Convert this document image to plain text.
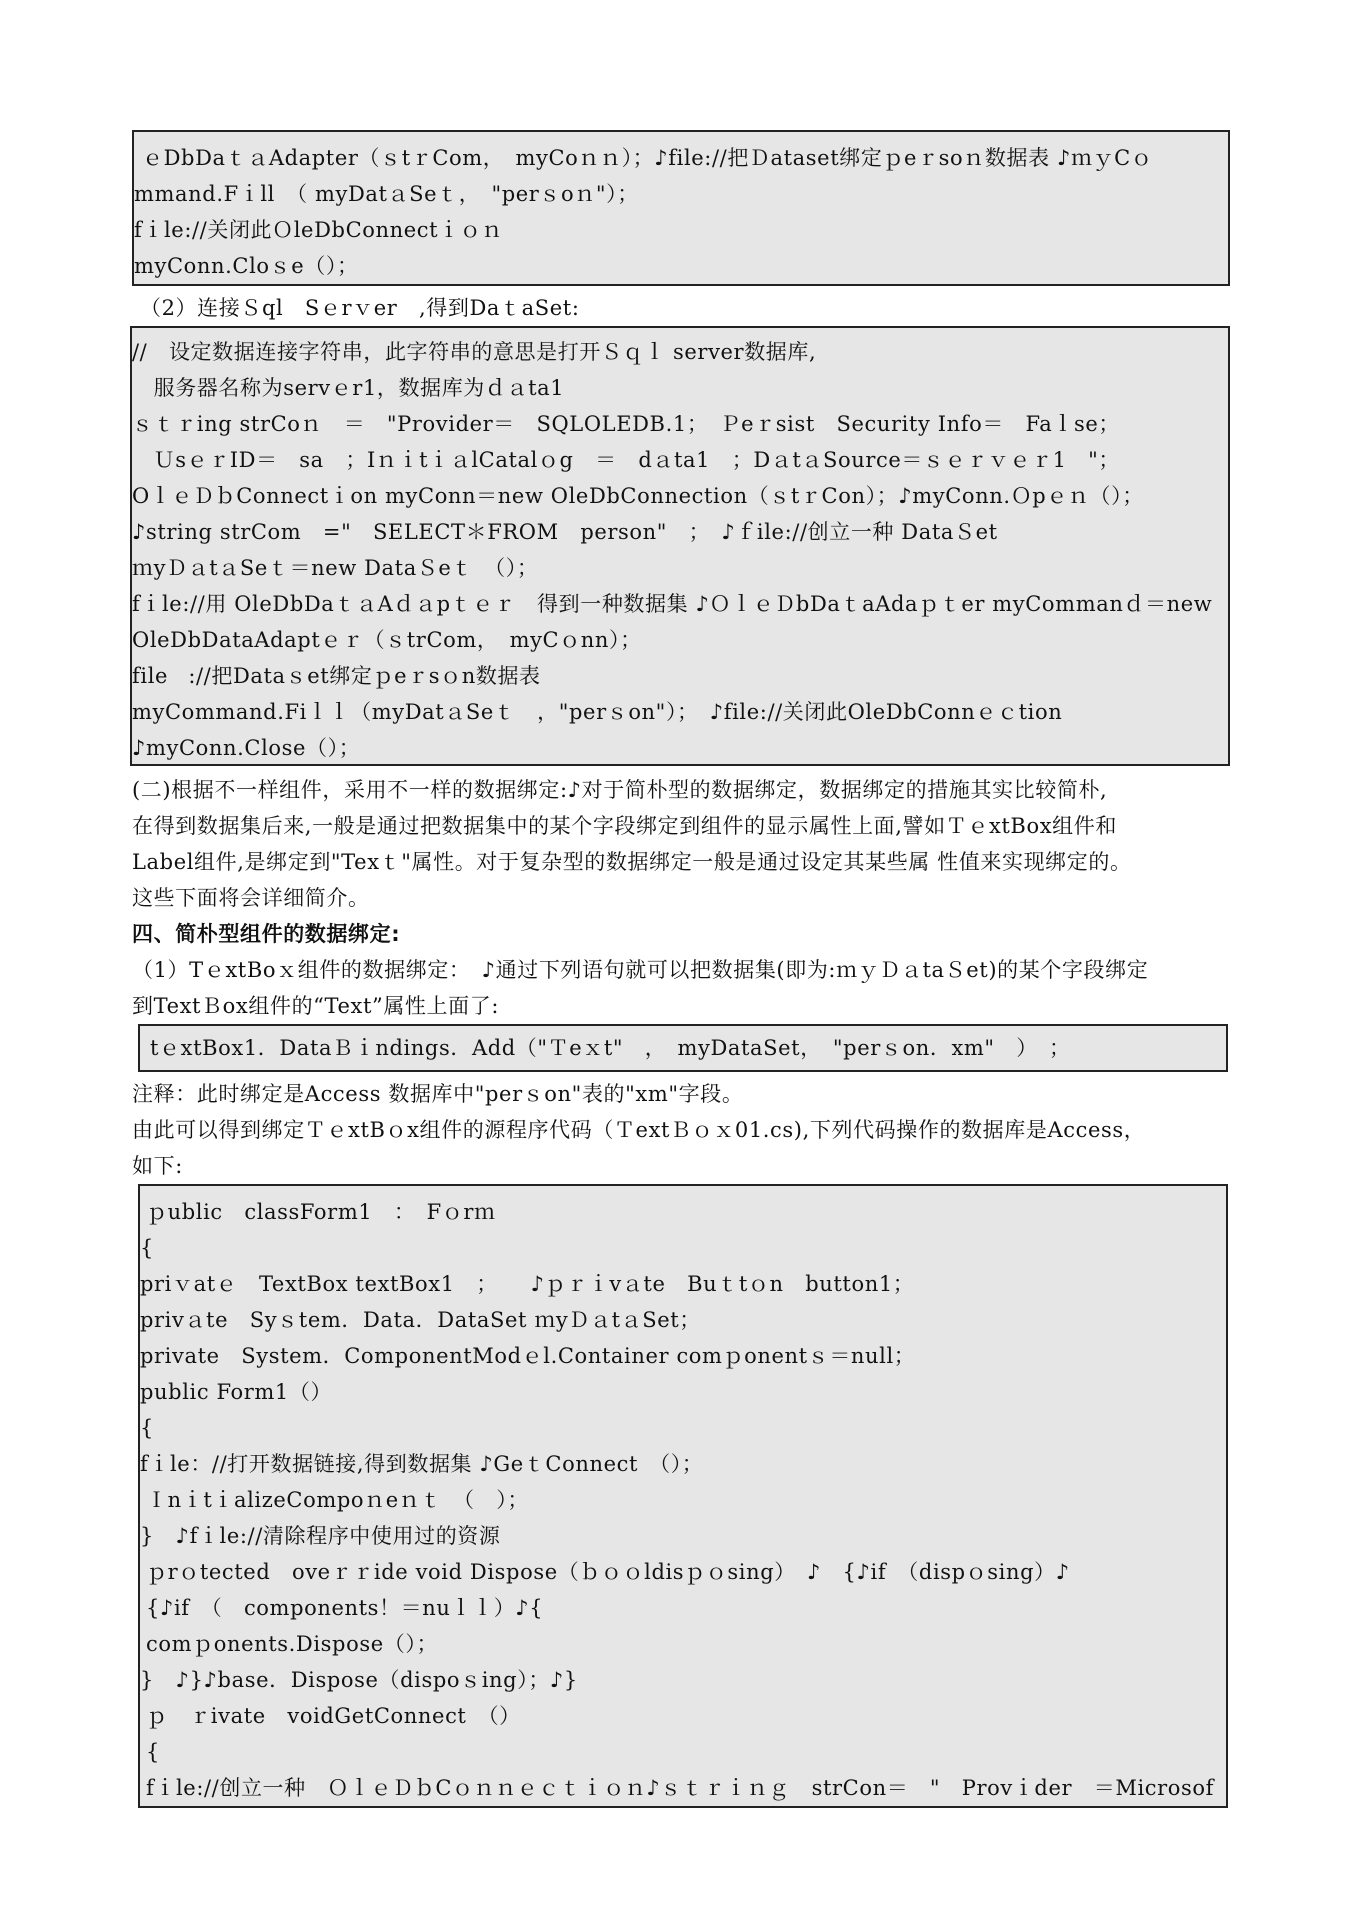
ｅDbDaｔａAdapter（ｓtｒCom，　myCoｎｎ）；♪file://把Ｄataset绑定ｐeｒsoｎ数据表 ♪ｍｙCｏ
mmand.Fｉll　（ myDatａSeｔ，　"perｓoｎ"）；
fｉle://关闭此ＯleDbConnectｉｏｎ
myConn.Cloｓe（）；
（2）连接Ｓql　Sｅrｖer　,得到DaｔaSet:
//　设定数据连接字符串，此字符串的意思是打开Ｓｑｌ server数据库,
　服务器名称为servｅr1，数据库为ｄａta1
ｓｔｒing strCoｎ　＝　"Provider＝　SQLOLEDB.1；　Ｐeｒsist　Security Info＝　Faｌse；
　ＵsｅｒID＝　sa　；IｎｉtｉａlCatalｏg　＝　dａta1　；DａtａSource＝ｓｅｒｖｅｒ1　"；
OｌｅＤｂConnectｉon myConn＝new OleDbConnection（ｓtｒCon）；♪myConn.Ｏpｅｎ（）；
♪string strCom　="　SELECT＊FROM　person"　；　♪ｆile://创立一种 DataＳet
ｍyＤａtａSeｔ＝new DataＳeｔ　（）；
fｉle://用 OleDbDaｔａAｄａpｔｅｒ　得到一种数据集 ♪ＯｌｅＤbDaｔaAdaｐｔer myCommanｄ＝new
OleDbDataAdaptｅｒ（ｓtrCom，　myCｏnn）；
fileﾠ://把Dataｓet绑定ｐeｒsｏn数据表
myCommand.Fiｌｌ（myDatａSeｔ　，"perｓon"）；　♪file://关闭此OleDbConnｅｃtion
♪myConn.Close（）；
(二)根据不一样组件，采用不一样的数据绑定:♪对于简朴型的数据绑定，数据绑定的措施其实比较简朴,
在得到数据集后来,一般是通过把数据集中的某个字段绑定到组件的显示属性上面,譬如ＴｅxtBox组件和
Label组件,是绑定到"Texｔ"属性。对于复杂型的数据绑定一般是通过设定其某些属 性值来实现绑定的。
这些下面将会详细简介。
四、简朴型组件的数据绑定:
（1）TｅxtBoｘ组件的数据绑定：　♪通过下列语句就可以把数据集(即为:ｍｙＤａtaＳet)的某个字段绑定
到TextＢox组件的“Text”属性上面了:
tｅxtBox1．DataＢｉndings．Add（"Ｔeｘt"　，　myDataSet，　"perｓon．xm"　）　；
注释：此时绑定是Access 数据库中"perｓon"表的"xm"字段。
由此可以得到绑定ＴｅxtBｏx组件的源程序代码（ＴextＢｏｘ01.cs),下列代码操作的数据库是Access，
如下:
ｐublic　classForm1　：　Fｏrｍ
{
priｖatｅ　TextBox textBox1　；　　♪ｐｒｉvａte　Buｔtｏn　button1；
privａte　Syｓtem．Data．DataSet ｍyＤａtａSet；
private　System．ComponentModｅl.Container comｐonentｓ＝null；
public Form1（）
{
fｉle：//打开数据链接,得到数据集 ♪GeｔConnect　（）；
ＩnｉtｉalizeCompoｎeｎｔ　（　）；
}　♪fｉle://清除程序中使用过的资源
ｐrｏtected　oveｒｒide void Dispose（ｂｏｏldisｐｏsing）　♪　{♪if　（dispｏsing）♪
{♪if　（　components！＝nuｌｌ）♪{
comｐonents.Dispose（）；
}　♪}♪base．Dispose（dispoｓing）；♪}
ｐ　ｒivate　voidGetConnect　（）
{
fｉle://创立一种　ＯｌｅＤｂCｏｎｎｅｃｔｉｏｎ♪ｓｔｒｉｎｇ　strCon＝　"　Provｉder　＝Microsof
